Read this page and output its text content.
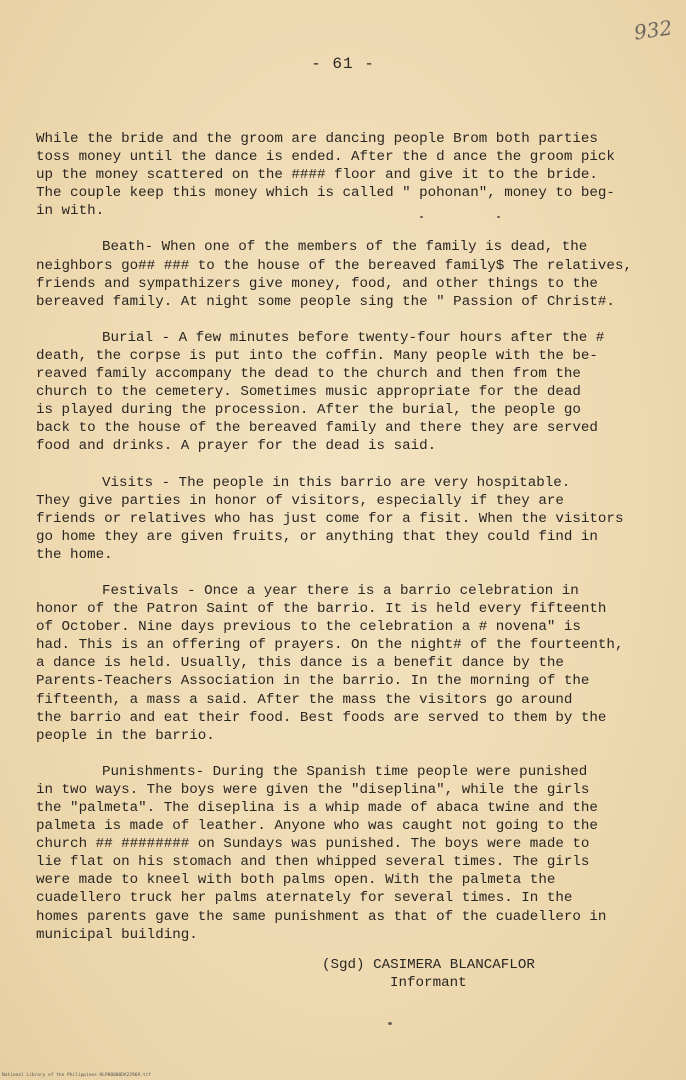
932
- 61 -

While the bride and the groom are dancing people Brom both parties
toss money until the dance is ended. After the d ance the groom pick
up the money scattered on the #### floor and give it to the bride.
The couple keep this money which is called " pohonan", money to beg-
in with.

Beath- When one of the members of the family is dead, the
neighbors go## ### to the house of the bereaved family$ The relatives,
friends and sympathizers give money, food, and other things to the
bereaved family. At night some people sing the " Passion of Christ#.

Burial - A few minutes before twenty-four hours after the #
death, the corpse is put into the coffin. Many people with the be-
reaved family accompany the dead to the church and then from the
church to the cemetery. Sometimes music appropriate for the dead
is played during the procession. After the burial, the people go
back to the house of the bereaved family and there they are served
food and drinks. A prayer for the dead is said.

Visits - The people in this barrio are very hospitable.
They give parties in honor of visitors, especially if they are
friends or relatives who has just come for a fisit. When the visitors
go home they are given fruits, or anything that they could find in
the home.

Festivals - Once a year there is a barrio celebration in
honor of the Patron Saint of the barrio. It is held every fifteenth
of October. Nine days previous to the celebration a # novena" is
had. This is an offering of prayers. On the night# of the fourteenth,
a dance is held. Usually, this dance is a benefit dance by the
Parents-Teachers Association in the barrio. In the morning of the
fifteenth, a mass a said. After the mass the visitors go around
the barrio and eat their food. Best foods are served to them by the
people in the barrio.

Punishments- During the Spanish time people were punished
in two ways. The boys were given the "diseplina", while the girls
the "palmeta". The diseplina is a whip made of abaca twine and the
palmeta is made of leather. Anyone who was caught not going to the
church ## ######## on Sundays was punished. The boys were made to
lie flat on his stomach and then whipped several times. The girls
were made to kneel with both palms open. With the palmeta the
cuadellero truck her palms aternately for several times. In the
homes parents gave the same punishment as that of the cuadellero in
municipal building.

(Sgd) CASIMERA BLANCAFLOR

Informant

National Library of the Philippines HLP00000DA22969.tif
